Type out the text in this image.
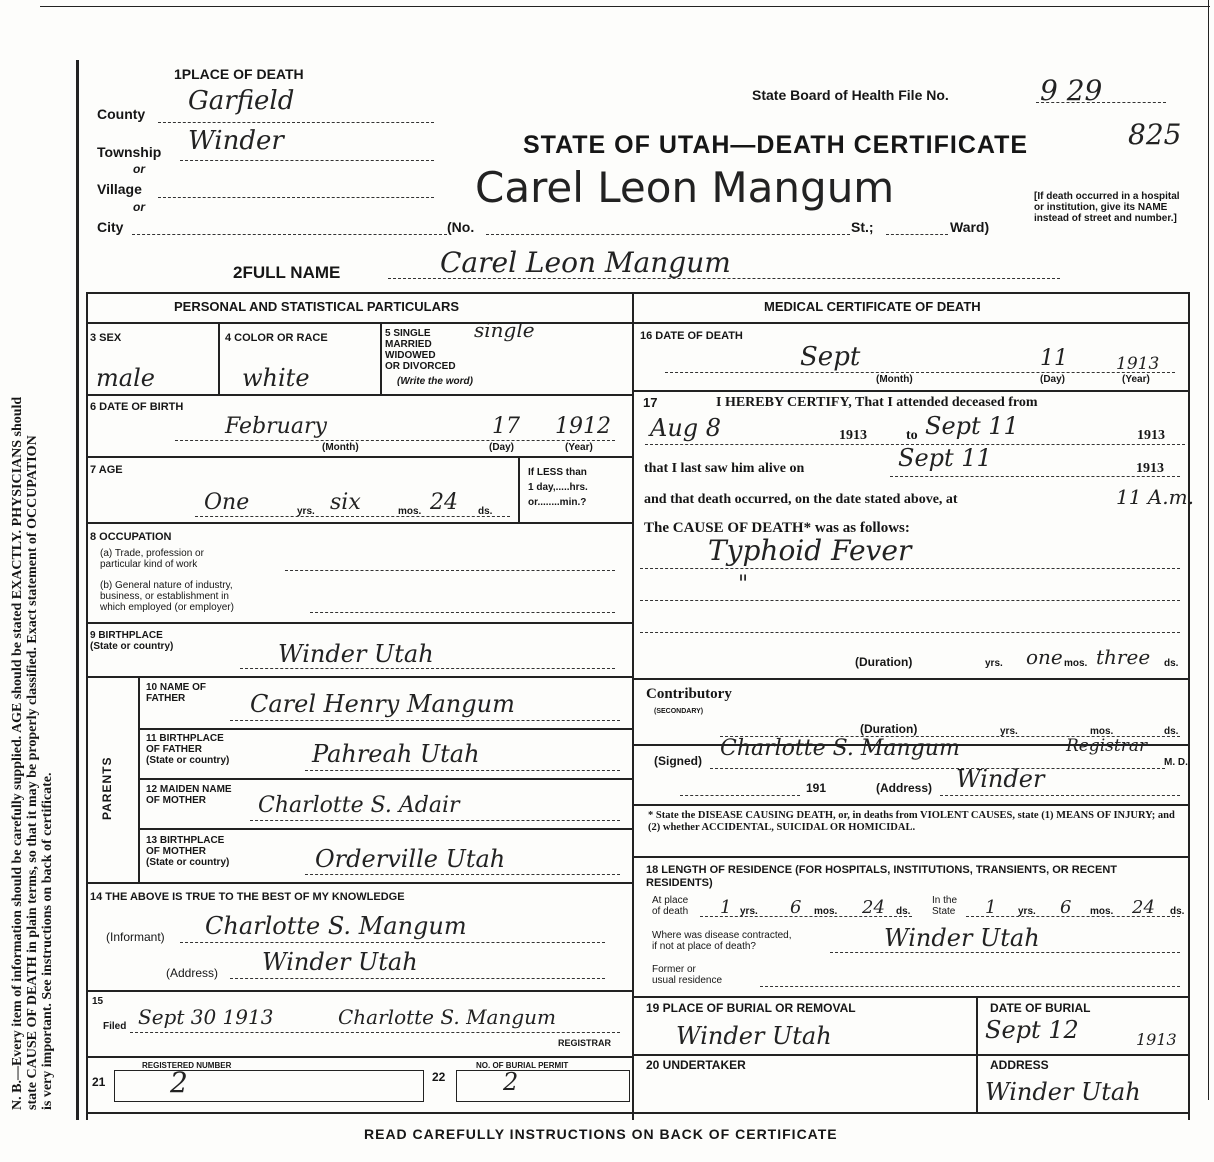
N. B.—Every item of information should be carefully supplied. AGE should be stated EXACTLY. PHYSICIANS should state CAUSE OF DEATH in plain terms, so that it may be properly classified. Exact statement of OCCUPATION is very important. See instructions on back of certificate.
1PLACE OF DEATH
County Garfield
Township Winder
or
Village
or
City	(No.	St.;	Ward)
State Board of Health File No.	9 29
STATE OF UTAH—DEATH CERTIFICATE	825
Carel Leon Mangum	[If death occurred in a hospital or institution, give its NAME instead of street and number.]
2FULL NAME	Carel Leon Mangum
PERSONAL AND STATISTICAL PARTICULARS
3 SEX
male
4 COLOR OR RACE
white
5 SINGLE
MARRIED
WIDOWED
OR DIVORCED
(Write the word)
single
6 DATE OF BIRTH
February	17 1912
(Month)	(Day)	(Year)
7 AGE
One	yrs. six	mos. 24 ds.
If LESS than
1 day,.....hrs.
or........min.?
8 OCCUPATION
(a) Trade, profession or
particular kind of work
(b) General nature of industry,
business, or establishment in
which employed (or employer)
9 BIRTHPLACE
(State or country)	Winder Utah
PARENTS
10 NAME OF
FATHER	Carel Henry Mangum
11 BIRTHPLACE
OF FATHER
(State or country)	Pahreah Utah
12 MAIDEN NAME
OF MOTHER	Charlotte S. Adair
13 BIRTHPLACE
OF MOTHER
(State or country)	Orderville Utah
14 THE ABOVE IS TRUE TO THE BEST OF MY KNOWLEDGE
(Informant) Charlotte S. Mangum
(Address) Winder Utah
15
Filed Sept 30 1913	Charlotte S. Mangum
REGISTRAR
REGISTERED NUMBER
21 2
NO. OF BURIAL PERMIT
22 2
MEDICAL CERTIFICATE OF DEATH
16 DATE OF DEATH
Sept	11	1913
(Month)	(Day)	(Year)
17	I HEREBY CERTIFY, That I attended deceased from
Aug 8	1913	to Sept 11	1913
that I last saw him alive on	Sept 11	1913
and that death occurred, on the date stated above, at	11 A.m.
The CAUSE OF DEATH* was as follows:
Typhoid Fever
"
(Duration)	yrs. one mos. three ds.
Contributory
(SECONDARY)
(Duration)	yrs.	mos.	ds.
(Signed) Charlotte S. Mangum	Registrar
M. D.
191	(Address) Winder
* State the DISEASE CAUSING DEATH, or, in deaths from VIOLENT CAUSES, state (1) MEANS OF INJURY; and (2) whether ACCIDENTAL, SUICIDAL OR HOMICIDAL.
18 LENGTH OF RESIDENCE (FOR HOSPITALS, INSTITUTIONS, TRANSIENTS, OR RECENT RESIDENTS)
At place
of death 1 yrs. 6 mos. 24 ds.
In the
State 1 yrs. 6 mos. 24 ds.
Where was disease contracted,
if not at place of death?	Winder Utah
Former or
usual residence
19 PLACE OF BURIAL OR REMOVAL
Winder Utah
DATE OF BURIAL
Sept 12	1913
20 UNDERTAKER	ADDRESS
Winder Utah
READ CAREFULLY INSTRUCTIONS ON BACK OF CERTIFICATE
